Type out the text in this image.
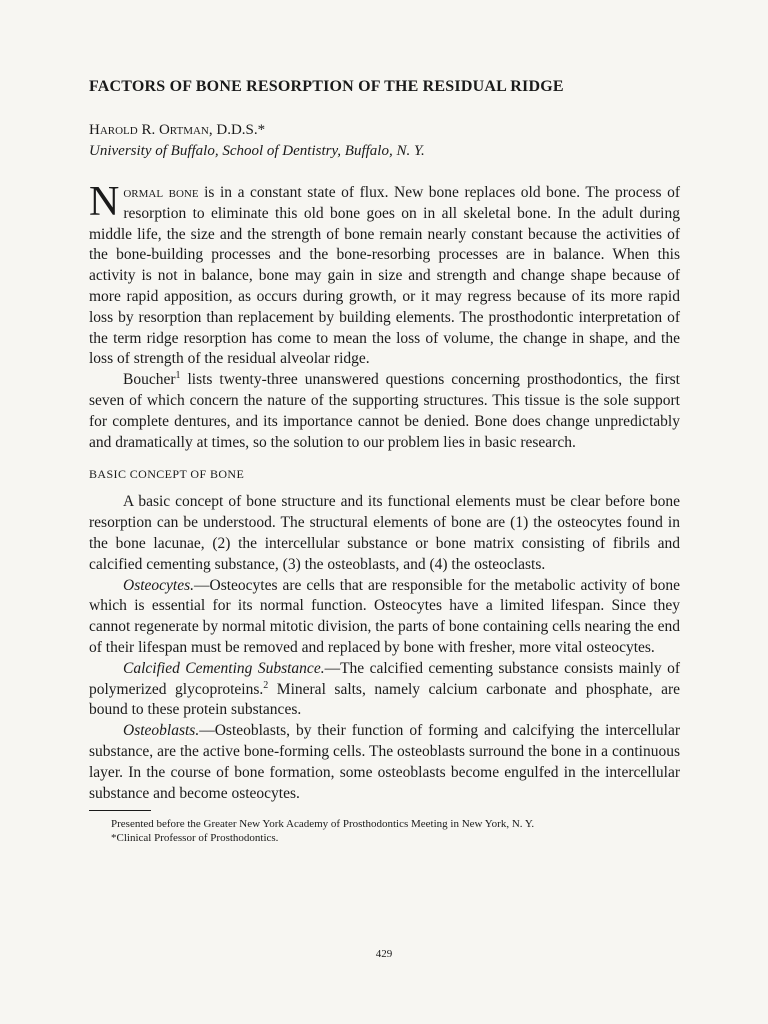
FACTORS OF BONE RESORPTION OF THE RESIDUAL RIDGE

Harold R. Ortman, D.D.S.*

University of Buffalo, School of Dentistry, Buffalo, N. Y.

Normal bone is in a constant state of flux. New bone replaces old bone. The process of resorption to eliminate this old bone goes on in all skeletal bone. In the adult during middle life, the size and the strength of bone remain nearly constant because the activities of the bone-building processes and the bone-resorbing processes are in balance. When this activity is not in balance, bone may gain in size and strength and change shape because of more rapid apposition, as occurs during growth, or it may regress because of its more rapid loss by resorption than replacement by building elements. The prosthodontic interpretation of the term ridge resorption has come to mean the loss of volume, the change in shape, and the loss of strength of the residual alveolar ridge.

Boucher$^1$ lists twenty-three unanswered questions concerning prosthodontics, the first seven of which concern the nature of the supporting structures. This tissue is the sole support for complete dentures, and its importance cannot be denied. Bone does change unpredictably and dramatically at times, so the solution to our problem lies in basic research.

BASIC CONCEPT OF BONE

A basic concept of bone structure and its functional elements must be clear before bone resorption can be understood. The structural elements of bone are (1) the osteocytes found in the bone lacunae, (2) the intercellular substance or bone matrix consisting of fibrils and calcified cementing substance, (3) the osteoblasts, and (4) the osteoclasts.

Osteocytes.—Osteocytes are cells that are responsible for the metabolic activity of bone which is essential for its normal function. Osteocytes have a limited lifespan. Since they cannot regenerate by normal mitotic division, the parts of bone containing cells nearing the end of their lifespan must be removed and replaced by bone with fresher, more vital osteocytes.

Calcified Cementing Substance.—The calcified cementing substance consists mainly of polymerized glycoproteins.$^2$ Mineral salts, namely calcium carbonate and phosphate, are bound to these protein substances.

Osteoblasts.—Osteoblasts, by their function of forming and calcifying the intercellular substance, are the active bone-forming cells. The osteoblasts surround the bone in a continuous layer. In the course of bone formation, some osteoblasts become engulfed in the intercellular substance and become osteocytes.

Presented before the Greater New York Academy of Prosthodontics Meeting in New York, N. Y.

*Clinical Professor of Prosthodontics.

429
